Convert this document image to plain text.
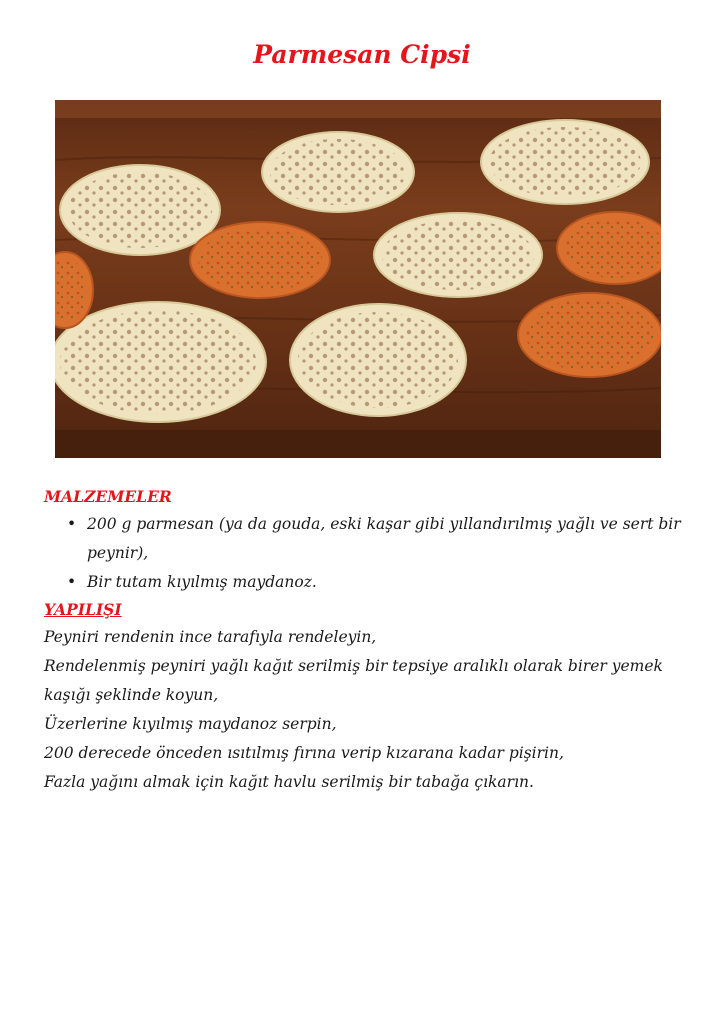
Parmesan Cipsi
MALZEMELER
• 200 g parmesan (ya da gouda, eski kaşar gibi yıllandırılmış yağlı ve sert bir peynir),
• Bir tutam kıyılmış maydanoz.
YAPILIŞI

Peyniri rendenin ince tarafıyla rendeleyin,

Rendelenmiş peyniri yağlı kağıt serilmiş bir tepsiye aralıklı olarak birer yemek kaşığı şeklinde koyun,

Üzerlerine kıyılmış maydanoz serpin,

200 derecede önceden ısıtılmış fırına verip kızarana kadar pişirin,

Fazla yağını almak için kağıt havlu serilmiş bir tabağa çıkarın.
